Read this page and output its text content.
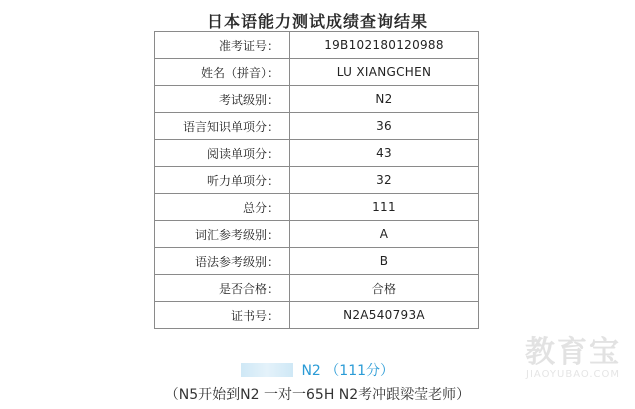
日本语能力测试成绩查询结果
准考证号：	19B102180120988
姓名（拼音）：	LU XIANGCHEN
考试级别：	N2
语言知识单项分：	36
阅读单项分：	43
听力单项分：	32
总分：	111
词汇参考级别：	A
语法参考级别：	B
是否合格：	合格
证书号：	N2A540793A
N2 （111分）
（N5开始到N2 一对一65H N2考冲跟梁莹老师）
教育宝
JIAOYUBAO.COM
